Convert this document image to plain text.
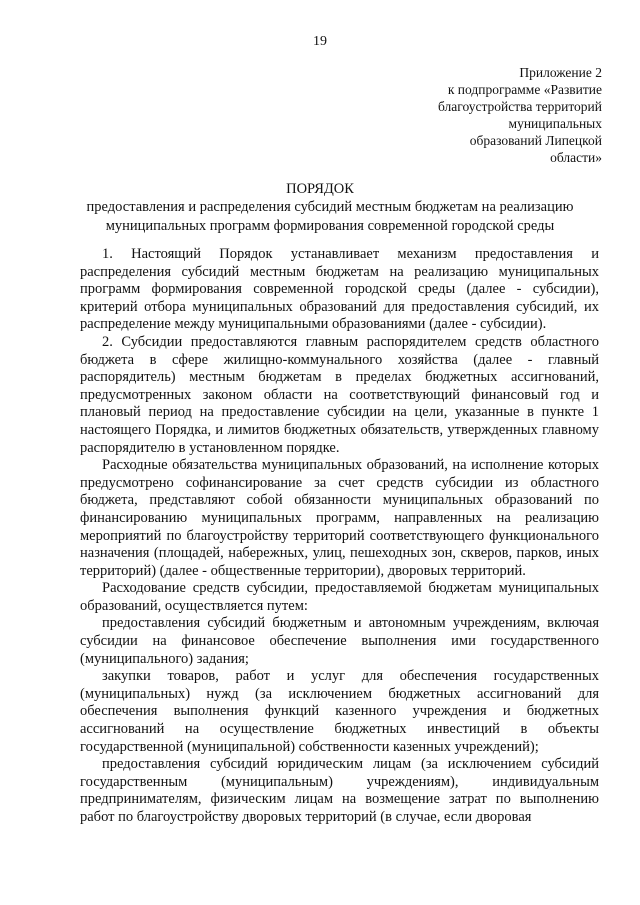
19
Приложение 2
к подпрограмме «Развитие
благоустройства территорий
муниципальных
образований Липецкой
области»
ПОРЯДОК
предоставления и распределения субсидий местным бюджетам на реализацию муниципальных программ формирования современной городской среды

1. Настоящий Порядок устанавливает механизм предоставления и распределения субсидий местным бюджетам на реализацию муниципальных программ формирования современной городской среды (далее - субсидии), критерий отбора муниципальных образований для предоставления субсидий, их распределение между муниципальными образованиями (далее - субсидии).

2. Субсидии предоставляются главным распорядителем средств областного бюджета в сфере жилищно-коммунального хозяйства (далее - главный распорядитель) местным бюджетам в пределах бюджетных ассигнований, предусмотренных законом области на соответствующий финансовый год и плановый период на предоставление субсидии на цели, указанные в пункте 1 настоящего Порядка, и лимитов бюджетных обязательств, утвержденных главному распорядителю в установленном порядке.

Расходные обязательства муниципальных образований, на исполнение которых предусмотрено софинансирование за счет средств субсидии из областного бюджета, представляют собой обязанности муниципальных образований по финансированию муниципальных программ, направленных на реализацию мероприятий по благоустройству территорий соответствующего функционального назначения (площадей, набережных, улиц, пешеходных зон, скверов, парков, иных территорий) (далее - общественные территории), дворовых территорий.

Расходование средств субсидии, предоставляемой бюджетам муниципальных образований, осуществляется путем:

предоставления субсидий бюджетным и автономным учреждениям, включая субсидии на финансовое обеспечение выполнения ими государственного (муниципального) задания;

закупки товаров, работ и услуг для обеспечения государственных (муниципальных) нужд (за исключением бюджетных ассигнований для обеспечения выполнения функций казенного учреждения и бюджетных ассигнований на осуществление бюджетных инвестиций в объекты государственной (муниципальной) собственности казенных учреждений);

предоставления субсидий юридическим лицам (за исключением субсидий государственным (муниципальным) учреждениям), индивидуальным предпринимателям, физическим лицам на возмещение затрат по выполнению работ по благоустройству дворовых территорий (в случае, если дворовая
